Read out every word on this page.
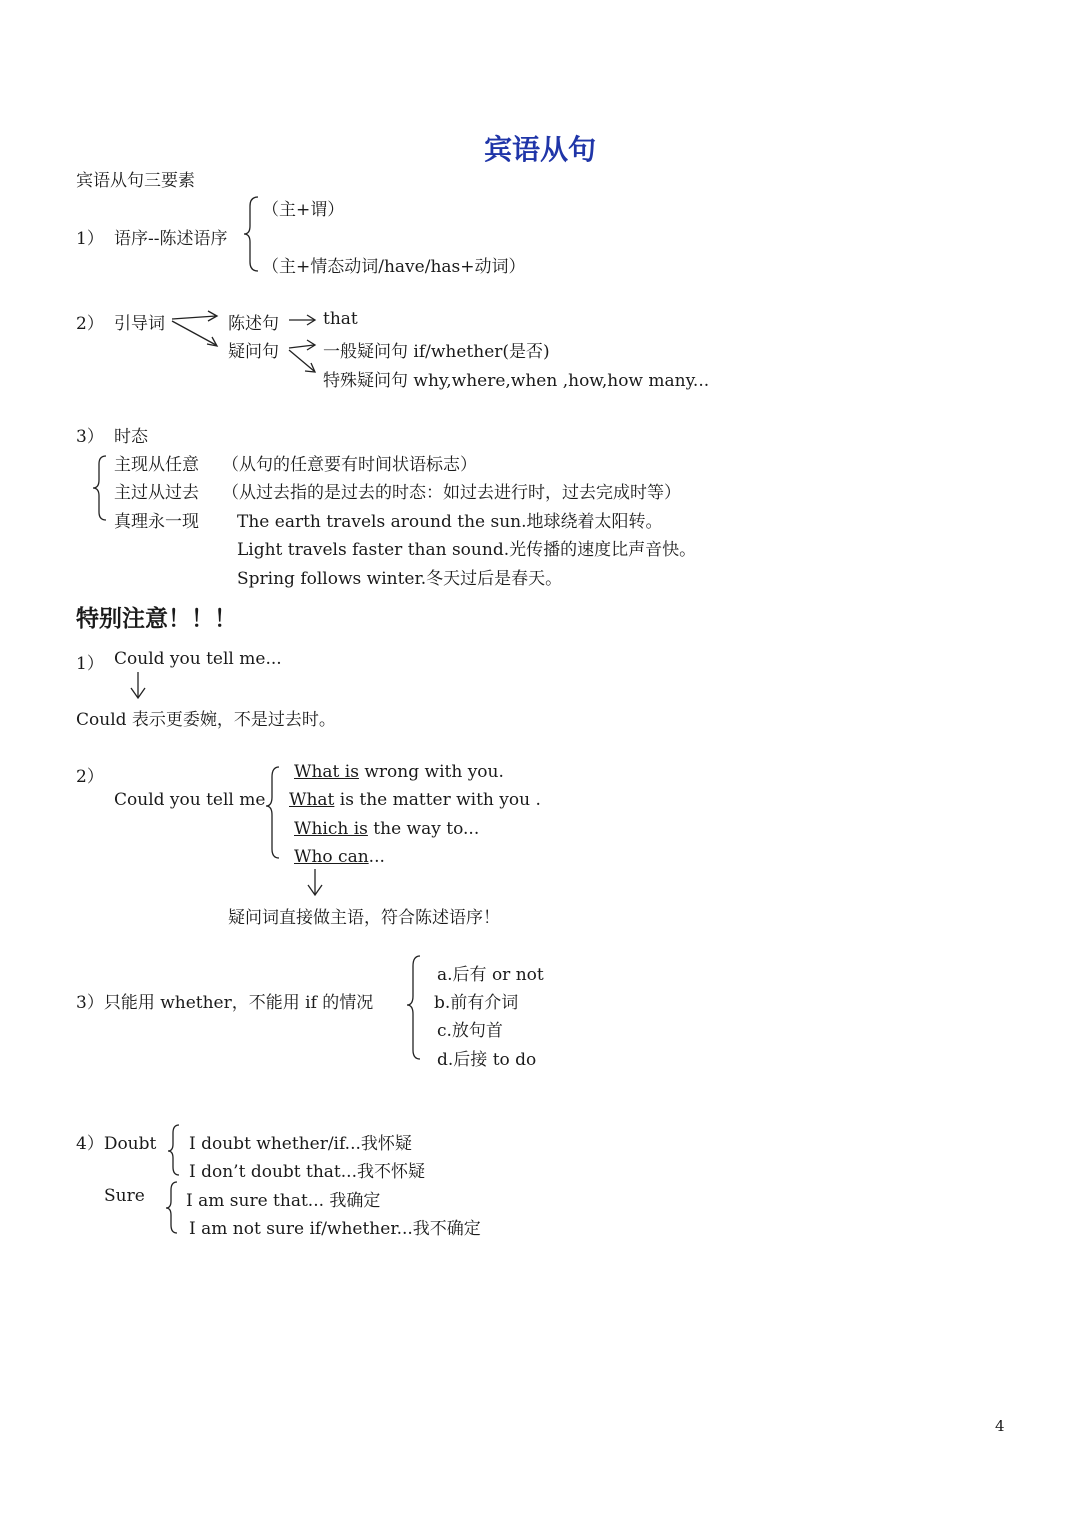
宾语从句
宾语从句三要素
1） 语序--陈述语序
（主+谓）
（主+情态动词/have/has+动词）
2） 引导词	陈述句	that
疑问句	一般疑问句 if/whether(是否)
特殊疑问句 why,where,when ,how,how many...
3） 时态
主现从任意 （从句的任意要有时间状语标志）
主过从过去 （从过去指的是过去的时态：如过去进行时，过去完成时等）
真理永一现 The earth travels around the sun.地球绕着太阳转。
Light travels faster than sound.光传播的速度比声音快。
Spring follows winter.冬天过后是春天。
特别注意！！！
1） Could you tell me...
Could 表示更委婉，不是过去时。
2）
Could you tell me
What is wrong with you.
What is the matter with you .
Which is the way to...
Who can...
疑问词直接做主语，符合陈述语序！
3）只能用 whether，不能用 if 的情况
a.后有 or not
b.前有介词
c.放句首
d.后接 to do
4）Doubt I doubt whether/if...我怀疑
I don’t doubt that...我不怀疑
Sure I am sure that... 我确定
I am not sure if/whether...我不确定
4
